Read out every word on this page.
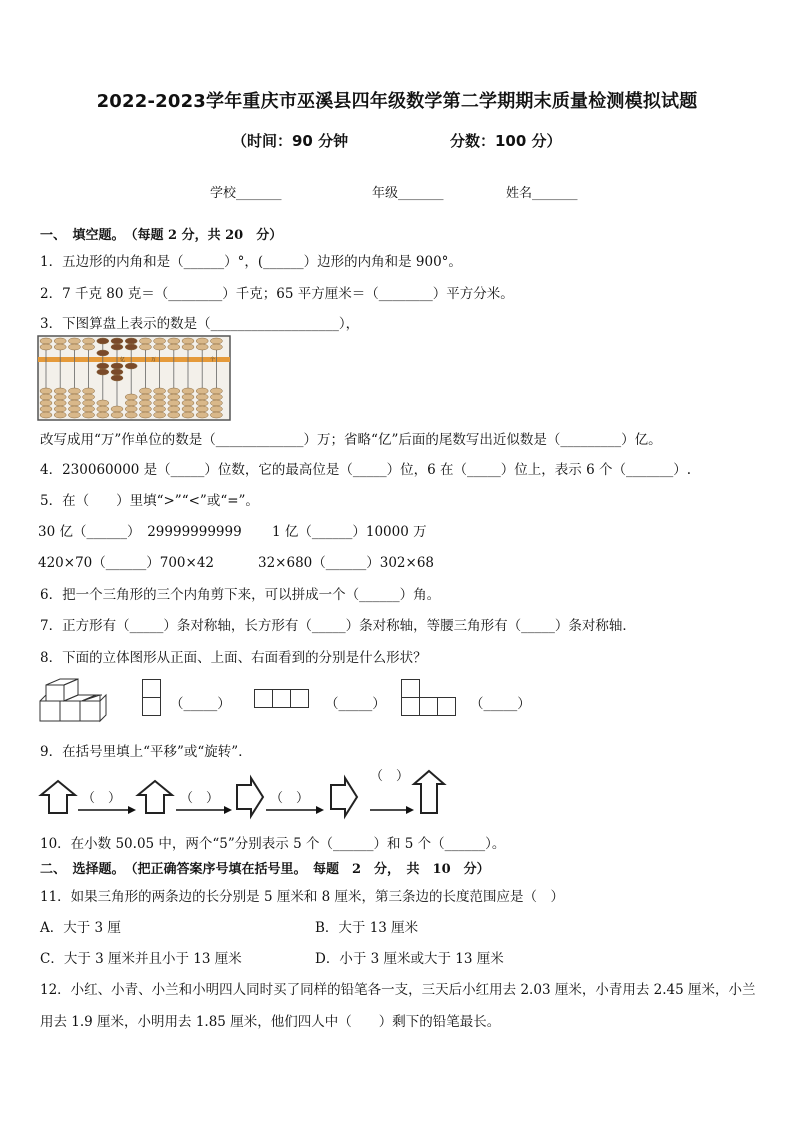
2022-2023学年重庆市巫溪县四年级数学第二学期期末质量检测模拟试题
（时间：90 分钟	分数：100 分）
学校_______	年级_______	姓名_______
一、　填空题。　（每题 2 分，共 20　分）
1．五边形的内角和是（______）°，(______）边形的内角和是 900°。
2．7 千克 80 克＝（________）千克；65 平方厘米＝（________）平方分米。
3．下图算盘上表示的数是（___________________），
亿	万	个
改写成用“万”作单位的数是（_____________）万；省略“亿”后面的尾数写出近似数是（_________）亿。
4．230060000 是（_____）位数，它的最高位是（_____）位，6 在（_____）位上，表示 6 个（_______）.
5．在（　　）里填“>”“<”或“=”。
30 亿（______）　29999999999 1 亿（______）10000 万
420×70（______）700×42	32×680（______）302×68
6．把一个三角形的三个内角剪下来，可以拼成一个（______）角。
7．正方形有（_____）条对称轴，长方形有（_____）条对称轴，等腰三角形有（_____）条对称轴．
8．下面的立体图形从正面、上面、右面看到的分别是什么形状？
（_____）	（_____）	（_____）
9．在括号里填上“平移”或“旋转”．
（　）	（　）	（　）
（　）
10．在小数 50.05 中，两个“5”分别表示 5 个（______）和 5 个（______）。
二、　选择题。　（把正确答案序号填在括号里。　每题　2　分，　共　10　分）
11．如果三角形的两条边的长分别是 5 厘米和 8 厘米，第三条边的长度范围应是（　）
A．大于 3 厘	B．大于 13 厘米
C．大于 3 厘米并且小于 13 厘米	D．小于 3 厘米或大于 13 厘米
12．小红、小青、小兰和小明四人同时买了同样的铅笔各一支，三天后小红用去 2.03 厘米，小青用去 2.45 厘米，小兰
用去 1.9 厘米，小明用去 1.85 厘米，他们四人中（　　）剩下的铅笔最长。
